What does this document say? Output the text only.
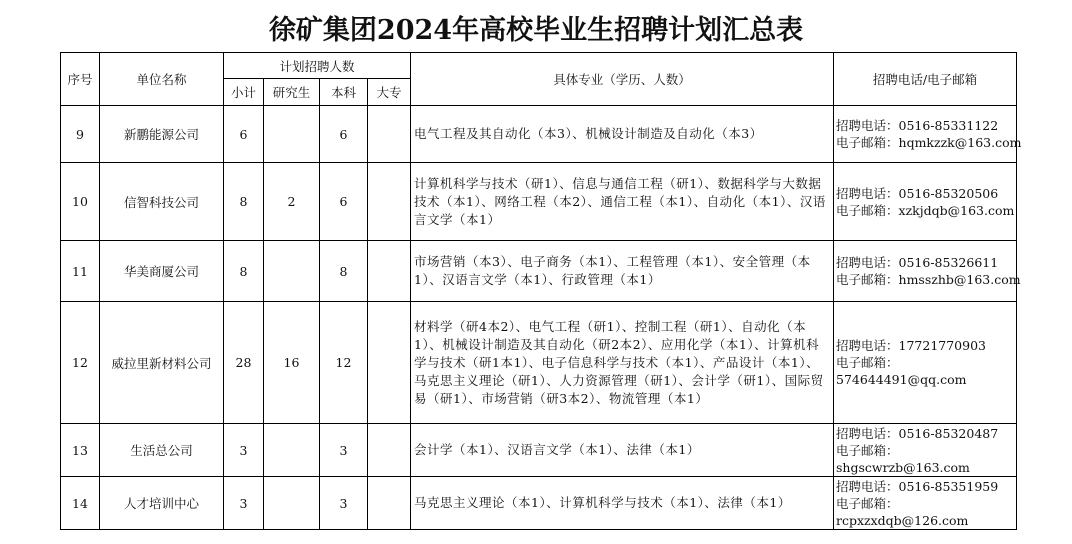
徐矿集团2024年高校毕业生招聘计划汇总表
序号	单位名称	计划招聘人数				具体专业（学历、人数）	招聘电话/电子邮箱
		小计	研究生	本科	大专		
9	新鹏能源公司	6		6		电气工程及其自动化（本3）、机械设计制造及自动化（本3）	招聘电话：0516-85331122
电子邮箱：hqmkzzk@163.com

10	信智科技公司	8	2	6		计算机科学与技术（研1）、信息与通信工程（研1）、数据科学与大数据技术（本1）、网络工程（本2）、通信工程（本1）、自动化（本1）、汉语言文学（本1）	招聘电话：0516-85320506
电子邮箱：xzkjdqb@163.com

11	华美商厦公司	8		8		市场营销（本3）、电子商务（本1）、工程管理（本1）、安全管理（本1）、汉语言文学（本1）、行政管理（本1）	招聘电话：0516-85326611
电子邮箱：hmsszhb@163.com

12	威拉里新材料公司	28	16	12		材料学（研4本2）、电气工程（研1）、控制工程（研1）、自动化（本1）、机械设计制造及其自动化（研2本2）、应用化学（本1）、计算机科学与技术（研1本1）、电子信息科学与技术（本1）、产品设计（本1）、马克思主义理论（研1）、人力资源管理（研1）、会计学（研1）、国际贸易（研1）、市场营销（研3本2）、物流管理（本1）	招聘电话：17721770903
电子邮箱：
574644491@qq.com

13	生活总公司	3		3		会计学（本1）、汉语言文学（本1）、法律（本1）	招聘电话：0516-85320487
电子邮箱：
shgscwrzb@163.com

14	人才培训中心	3		3		马克思主义理论（本1）、计算机科学与技术（本1）、法律（本1）	招聘电话：0516-85351959
电子邮箱：
rcpxzxdqb@126.com
